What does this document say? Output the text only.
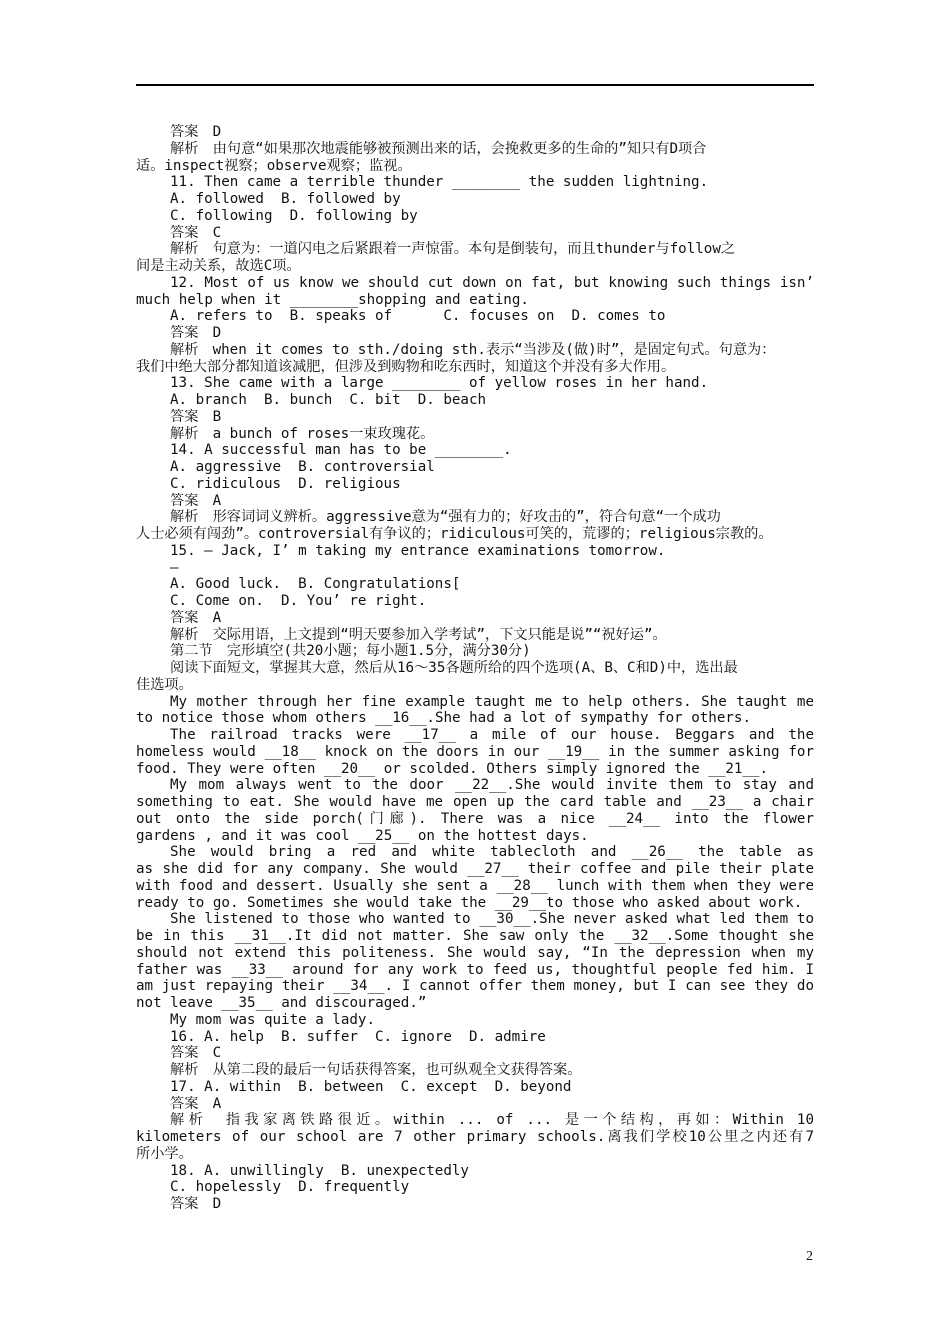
答案　D
解析　由句意“如果那次地震能够被预测出来的话，会挽救更多的生命的”知只有D项合
适。inspect视察；observe观察；监视。
11. Then came a terrible thunder ________ the sudden lightning.
A. followed  B. followed by
C. following  D. following by
答案　C
解析　句意为：一道闪电之后紧跟着一声惊雷。本句是倒装句，而且thunder与follow之
间是主动关系，故选C项。
12. Most of us know we should cut down on fat, but knowing such things isn’
much help when it ________shopping and eating.
A. refers to  B. speaks of      C. focuses on  D. comes to
答案　D
解析　when it comes to sth./doing sth.表示“当涉及(做)时”，是固定句式。句意为：
我们中绝大部分都知道该减肥，但涉及到购物和吃东西时，知道这个并没有多大作用。
13. She came with a large ________ of yellow roses in her hand.
A. branch  B. bunch  C. bit  D. beach
答案　B
解析　a bunch of roses一束玫瑰花。
14. A successful man has to be ________.
A. aggressive  B. controversial
C. ridiculous  D. religious
答案　A
解析　形容词词义辨析。aggressive意为“强有力的；好攻击的”，符合句意“一个成功
人士必须有闯劲”。controversial有争议的；ridiculous可笑的，荒谬的；religious宗教的。
15. — Jack, I’ m taking my entrance examinations tomorrow.
—
A. Good luck.  B. Congratulations[
C. Come on.  D. You’ re right.
答案　A
解析　交际用语，上文提到“明天要参加入学考试”，下文只能是说”“祝好运”。
第二节　完形填空(共20小题；每小题1.5分，满分30分)
阅读下面短文，掌握其大意，然后从16～35各题所给的四个选项(A、B、C和D)中，选出最
佳选项。
My mother through her fine example taught me to help others. She taught me
to notice those whom others __16__.She had a lot of sympathy for others.
The railroad tracks were __17__ a mile of our house. Beggars and the
homeless would __18__ knock on the doors in our __19__ in the summer asking for
food. They were often __20__ or scolded. Others simply ignored the __21__.
My mom always went to the door __22__.She would invite them to stay and
something to eat. She would have me open up the card table and __23__ a chair
out onto the side porch(门廊). There was a nice __24__ into the flower
gardens , and it was cool __25__ on the hottest days.
She would bring a red and white tablecloth and __26__ the table as
as she did for any company. She would __27__ their coffee and pile their plate
with food and dessert. Usually she sent a __28__ lunch with them when they were
ready to go. Sometimes she would take the __29__to those who asked about work.
She listened to those who wanted to __30__.She never asked what led them to
be in this __31__.It did not matter. She saw only the __32__.Some thought she
should not extend this politeness. She would say, “In the depression when my
father was __33__ around for any work to feed us, thoughtful people fed him. I
am just repaying their __34__. I cannot offer them money, but I can see they do
not leave __35__ and discouraged.”
My mom was quite a lady.
16. A. help  B. suffer  C. ignore  D. admire
答案　C
解析　从第二段的最后一句话获得答案，也可纵观全文获得答案。
17. A. within  B. between  C. except  D. beyond
答案　A
解析　指我家离铁路很近。within ... of ... 是一个结构，再如：Within 10
kilometers of our school are 7 other primary schools.离我们学校10公里之内还有7
所小学。
18. A. unwillingly  B. unexpectedly
C. hopelessly  D. frequently
答案　D
2
